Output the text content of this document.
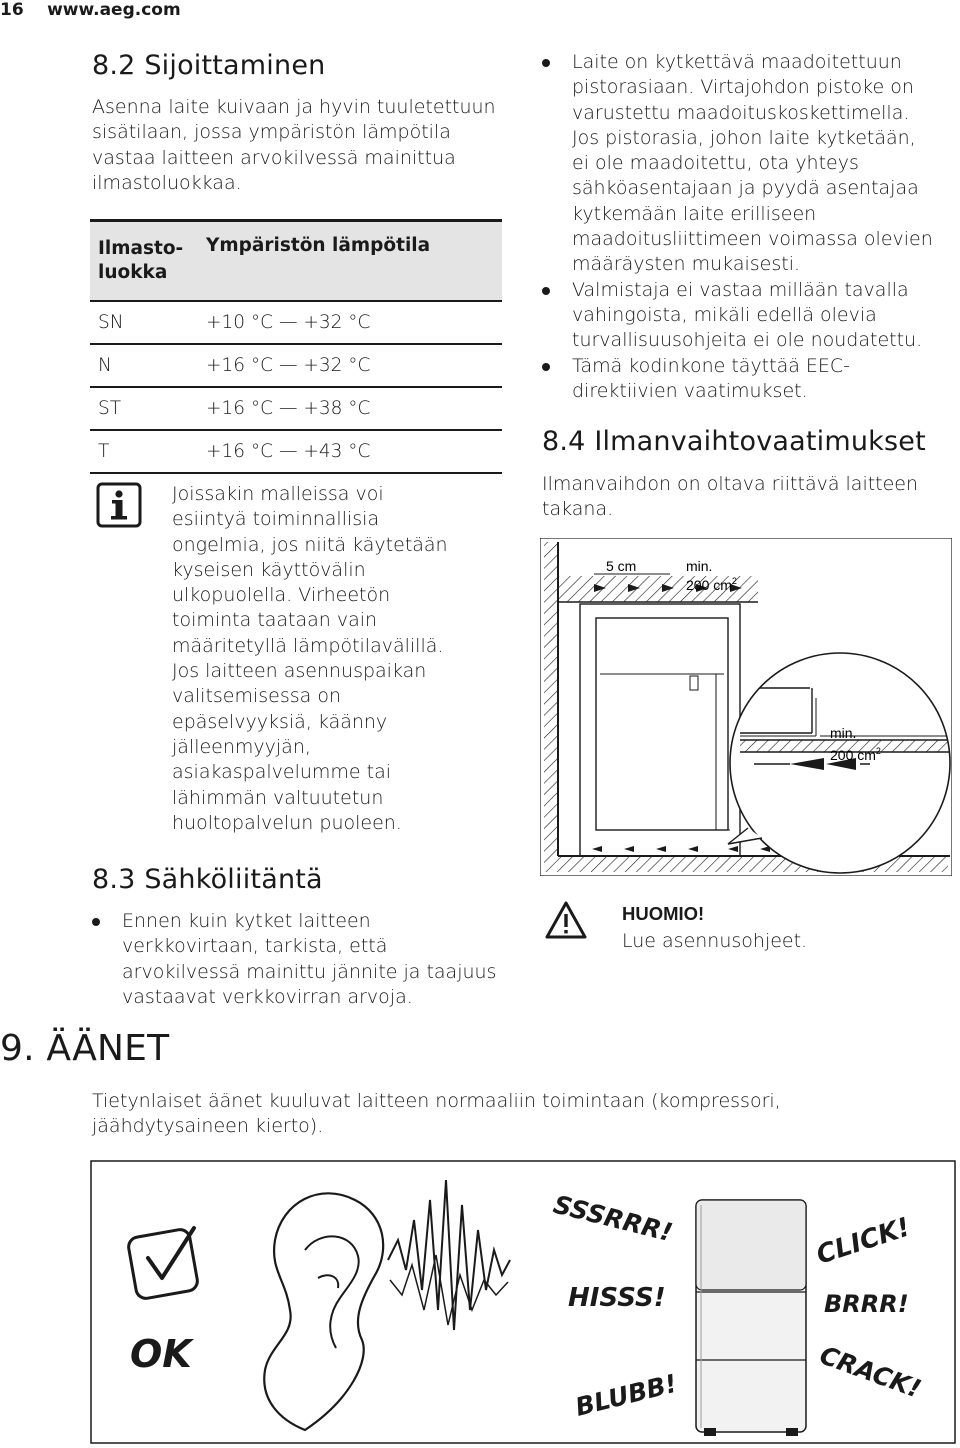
16 www.aeg.com
8.2 Sijoittaminen

Asenna laite kuivaan ja hyvin tuuletettuun

sisätilaan, jossa ympäristön lämpötila

vastaa laitteen arvokilvessä mainittua

ilmastoluokkaa.

Ilmasto-
luokka	Ympäristön lämpötila
SN	+10 °C — +32 °C
N	+16 °C — +32 °C
ST	+16 °C — +38 °C
T	+16 °C — +43 °C

Joissakin malleissa voi

esiintyä toiminnallisia

ongelmia, jos niitä käytetään

kyseisen käyttövälin

ulkopuolella. Virheetön

toiminta taataan vain

määritetyllä lämpötilavälillä.

Jos laitteen asennuspaikan

valitsemisessa on

epäselvyyksiä, käänny

jälleenmyyjän,

asiakaspalvelumme tai

lähimmän valtuutetun

huoltopalvelun puoleen.

8.3 Sähköliitäntä

Ennen kuin kytket laitteen

verkkovirtaan, tarkista, että

arvokilvessä mainittu jännite ja taajuus

vastaavat verkkovirran arvoja.

Laite on kytkettävä maadoitettuun

pistorasiaan. Virtajohdon pistoke on

varustettu maadoituskoskettimella.

Jos pistorasia, johon laite kytketään,

ei ole maadoitettu, ota yhteys

sähköasentajaan ja pyydä asentajaa

kytkemään laite erilliseen

maadoitusliittimeen voimassa olevien

määräysten mukaisesti.

Valmistaja ei vastaa millään tavalla

vahingoista, mikäli edellä olevia

turvallisuusohjeita ei ole noudatettu.

Tämä kodinkone täyttää EEC-

direktiivien vaatimukset.

8.4 Ilmanvaihtovaatimukset

Ilmanvaihdon on oltava riittävä laitteen

takana.

5 cm	min.
200 $cm^2$
min.
200 $cm^2$
HUOMIO!
Lue asennusohjeet.
9. ÄÄNET

Tietynlaiset äänet kuuluvat laitteen normaaliin toimintaan (kompressori,

jäähdytysaineen kierto).

OK
SSSRRR!
HISSS!
BLUBB!
CLICK!
BRRR!
CRACK!
